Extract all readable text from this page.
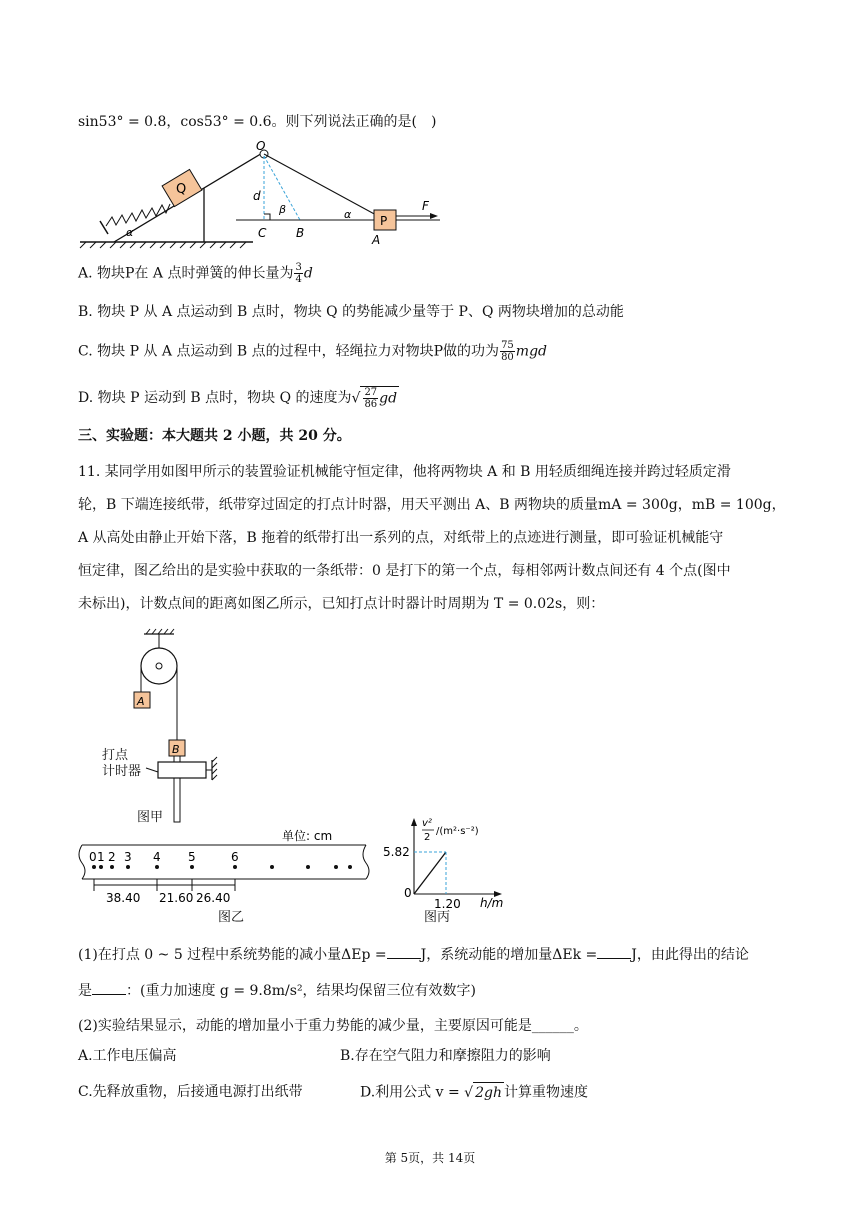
sin53° = 0.8，cos53° = 0.6。则下列说法正确的是(　)
Q
α
O
d
β	α
C B
P
A
F
A. 物块P在 A 点时弹簧的伸长量为 $\frac{3}{4}$ d
B. 物块 P 从 A 点运动到 B 点时，物块 Q 的势能减少量等于 P、Q 两物块增加的总动能
C. 物块 P 从 A 点运动到 B 点的过程中，轻绳拉力对物块P做的功为 $\frac{75}{80}$ mgd
D. 物块 P 运动到 B 点时，物块 Q 的速度为√ $\frac{27}{86}$ gd
三、实验题：本大题共 2 小题，共 20 分。
11. 某同学用如图甲所示的装置验证机械能守恒定律，他将两物块 A 和 B 用轻质细绳连接并跨过轻质定滑
轮，B 下端连接纸带，纸带穿过固定的打点计时器，用天平测出 A、B 两物块的质量mA = 300g，mB = 100g，
A 从高处由静止开始下落，B 拖着的纸带打出一系列的点，对纸带上的点迹进行测量，即可验证机械能守
恒定律，图乙给出的是实验中获取的一条纸带：0 是打下的第一个点，每相邻两计数点间还有 4 个点(图中
未标出)，计数点间的距离如图乙所示，已知打点计时器计时周期为 T = 0.02s，则：
A
B
打点
计时器
图甲
0 1 2 3 4 5	6
38.40 21.60 26.40
单位: cm
图乙
5.82
0
1.20 h/m
v²
2
/(m²·s⁻²)
图丙
(1)在打点 0 ~ 5 过程中系统势能的减小量ΔEp = J，系统动能的增加量ΔEk = J，由此得出的结论
是 ：(重力加速度 g = 9.8m/s²，结果均保留三位有效数字)
(2)实验结果显示，动能的增加量小于重力势能的减少量，主要原因可能是______。
A.工作电压偏高	B.存在空气阻力和摩擦阻力的影响
C.先释放重物，后接通电源打出纸带	D.利用公式 v = √ 2gh 计算重物速度
第 5页，共 14页
